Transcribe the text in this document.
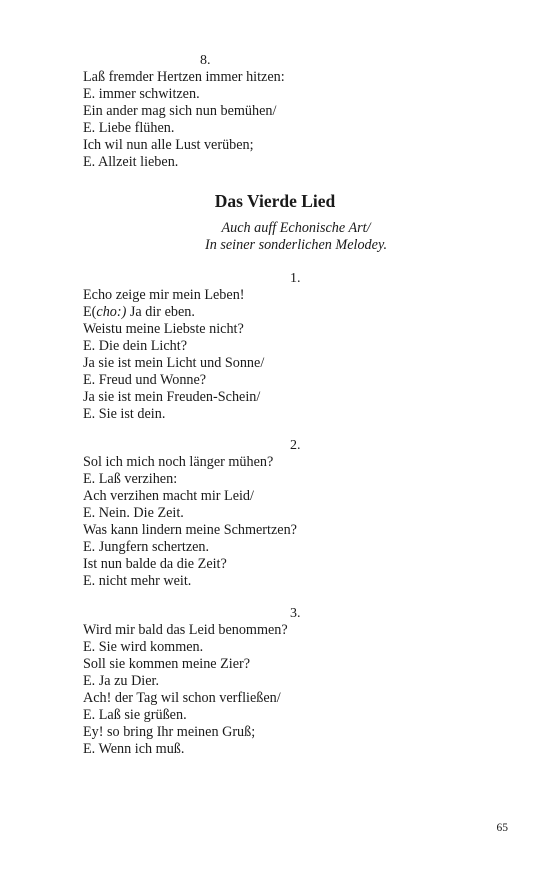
8.
Laß fremder Hertzen immer hitzen:
E. immer schwitzen.
Ein ander mag sich nun bemühen/
E. Liebe flühen.
Ich wil nun alle Lust verüben;
E. Allzeit lieben.
Das Vierde Lied
Auch auff Echonische Art/
In seiner sonderlichen Melodey.
1.
Echo zeige mir mein Leben!
E(cho:) Ja dir eben.
Weistu meine Liebste nicht?
E. Die dein Licht?
Ja sie ist mein Licht und Sonne/
E. Freud und Wonne?
Ja sie ist mein Freuden-Schein/
E. Sie ist dein.
2.
Sol ich mich noch länger mühen?
E. Laß verzihen:
Ach verzihen macht mir Leid/
E. Nein. Die Zeit.
Was kann lindern meine Schmertzen?
E. Jungfern schertzen.
Ist nun balde da die Zeit?
E. nicht mehr weit.
3.
Wird mir bald das Leid benommen?
E. Sie wird kommen.
Soll sie kommen meine Zier?
E. Ja zu Dier.
Ach! der Tag wil schon verfließen/
E. Laß sie grüßen.
Ey! so bring Ihr meinen Gruß;
E. Wenn ich muß.
65
